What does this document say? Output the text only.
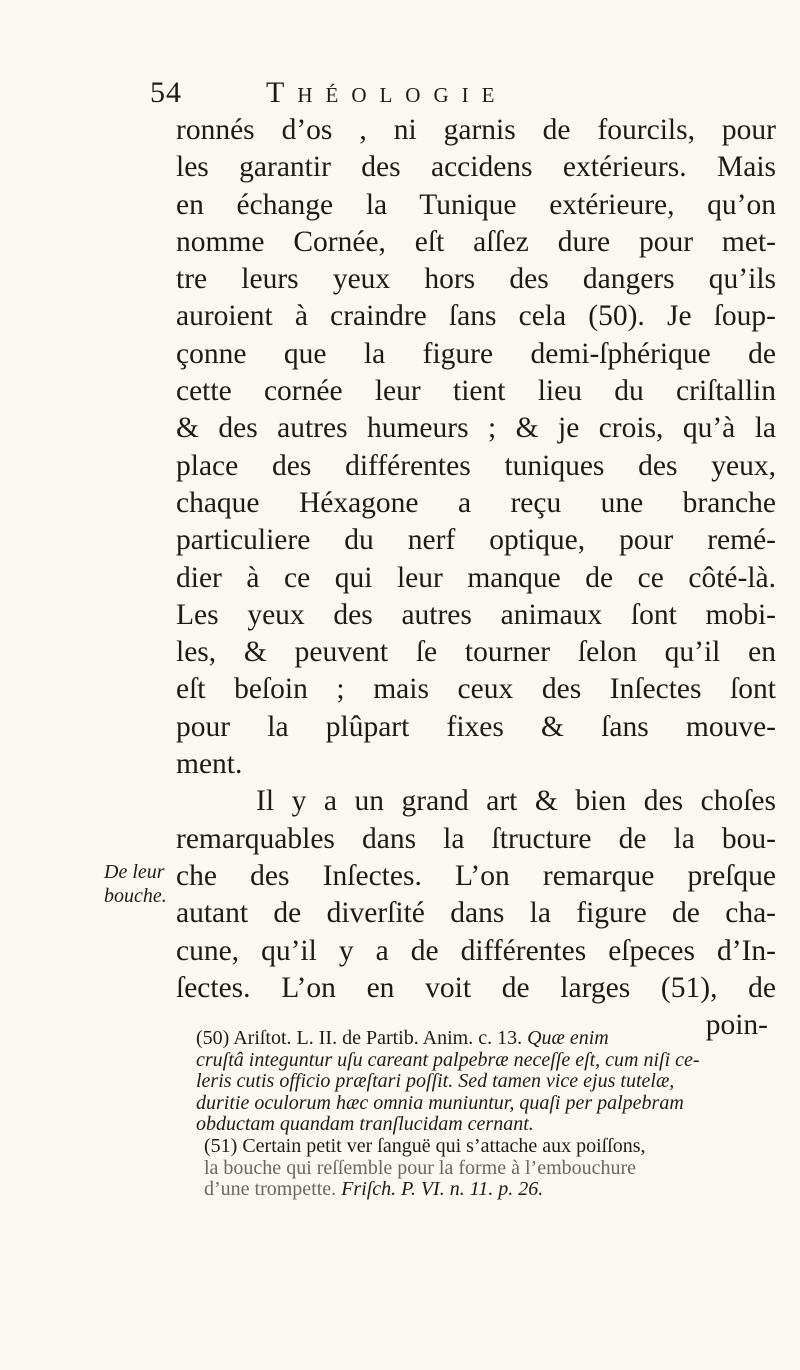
54	Théologie
De leur
bouche.
ronnés d’os , ni garnis de fourcils, pour
les garantir des accidens extérieurs. Mais
en échange la Tunique extérieure, qu’on
nomme Cornée, eſt aſſez dure pour met-
tre leurs yeux hors des dangers qu’ils
auroient à craindre ſans cela (50). Je ſoup-
çonne que la figure demi-ſphérique de
cette cornée leur tient lieu du criſtallin
& des autres humeurs ; & je crois, qu’à la
place des différentes tuniques des yeux,
chaque Héxagone a reçu une branche
particuliere du nerf optique, pour remé-
dier à ce qui leur manque de ce côté-là.
Les yeux des autres animaux ſont mobi-
les, & peuvent ſe tourner ſelon qu’il en
eſt beſoin ; mais ceux des Inſectes ſont
pour la plûpart fixes & ſans mouve-
ment.
Il y a un grand art & bien des choſes
remarquables dans la ſtructure de la bou-
che des Inſectes. L’on remarque preſque
autant de diverſité dans la figure de cha-
cune, qu’il y a de différentes eſpeces d’In-
ſectes. L’on en voit de larges (51), de
poin-
(50) Ariſtot. L. II. de Partib. Anim. c. 13. Quæ enim
cruſtâ integuntur uſu careant palpebræ neceſſe eſt, cum niſi ce-
leris cutis officio præſtari poſſit. Sed tamen vice ejus tutelæ,
duritie oculorum hæc omnia muniuntur, quaſi per palpebram
obductam quandam tranſlucidam cernant.
(51) Certain petit ver ſanguë qui s’attache aux poiſſons,
la bouche qui reſſemble pour la forme à l’embouchure
d’une trompette. Friſch. P. VI. n. 11. p. 26.
